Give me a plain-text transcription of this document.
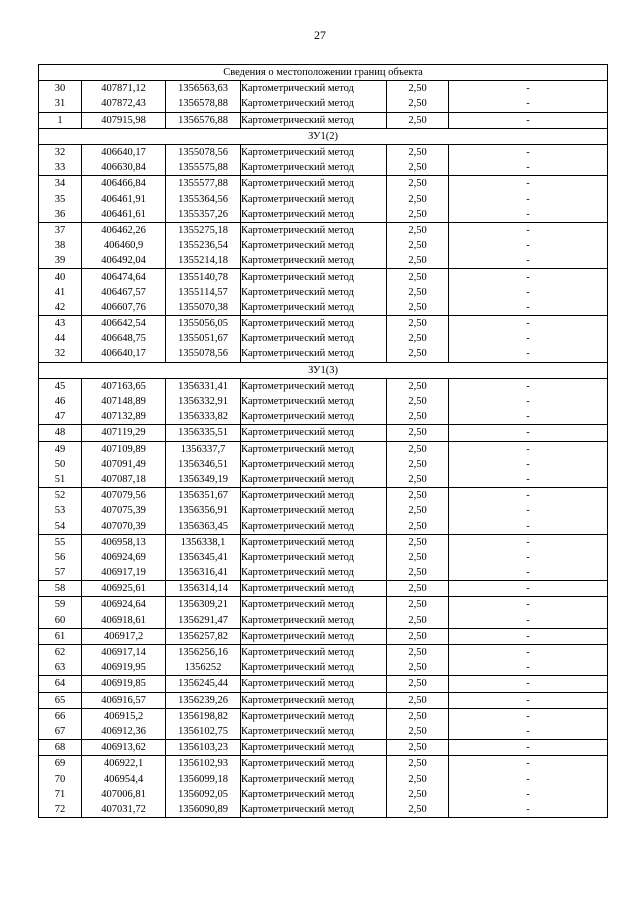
27
Сведения о местоположении границ объекта					
30	407871,12	1356563,63	Картометрический метод	2,50	-
31	407872,43	1356578,88	Картометрический метод	2,50	-
1	407915,98	1356576,88	Картометрический метод	2,50	-
ЗУ1(2)					
32	406640,17	1355078,56	Картометрический метод	2,50	-
33	406630,84	1355575,88	Картометрический метод	2,50	-
34	406466,84	1355577,88	Картометрический метод	2,50	-
35	406461,91	1355364,56	Картометрический метод	2,50	-
36	406461,61	1355357,26	Картометрический метод	2,50	-
37	406462,26	1355275,18	Картометрический метод	2,50	-
38	406460,9	1355236,54	Картометрический метод	2,50	-
39	406492,04	1355214,18	Картометрический метод	2,50	-
40	406474,64	1355140,78	Картометрический метод	2,50	-
41	406467,57	1355114,57	Картометрический метод	2,50	-
42	406607,76	1355070,38	Картометрический метод	2,50	-
43	406642,54	1355056,05	Картометрический метод	2,50	-
44	406648,75	1355051,67	Картометрический метод	2,50	-
32	406640,17	1355078,56	Картометрический метод	2,50	-
ЗУ1(3)					
45	407163,65	1356331,41	Картометрический метод	2,50	-
46	407148,89	1356332,91	Картометрический метод	2,50	-
47	407132,89	1356333,82	Картометрический метод	2,50	-
48	407119,29	1356335,51	Картометрический метод	2,50	-
49	407109,89	1356337,7	Картометрический метод	2,50	-
50	407091,49	1356346,51	Картометрический метод	2,50	-
51	407087,18	1356349,19	Картометрический метод	2,50	-
52	407079,56	1356351,67	Картометрический метод	2,50	-
53	407075,39	1356356,91	Картометрический метод	2,50	-
54	407070,39	1356363,45	Картометрический метод	2,50	-
55	406958,13	1356338,1	Картометрический метод	2,50	-
56	406924,69	1356345,41	Картометрический метод	2,50	-
57	406917,19	1356316,41	Картометрический метод	2,50	-
58	406925,61	1356314,14	Картометрический метод	2,50	-
59	406924,64	1356309,21	Картометрический метод	2,50	-
60	406918,61	1356291,47	Картометрический метод	2,50	-
61	406917,2	1356257,82	Картометрический метод	2,50	-
62	406917,14	1356256,16	Картометрический метод	2,50	-
63	406919,95	1356252	Картометрический метод	2,50	-
64	406919,85	1356245,44	Картометрический метод	2,50	-
65	406916,57	1356239,26	Картометрический метод	2,50	-
66	406915,2	1356198,82	Картометрический метод	2,50	-
67	406912,36	1356102,75	Картометрический метод	2,50	-
68	406913,62	1356103,23	Картометрический метод	2,50	-
69	406922,1	1356102,93	Картометрический метод	2,50	-
70	406954,4	1356099,18	Картометрический метод	2,50	-
71	407006,81	1356092,05	Картометрический метод	2,50	-
72	407031,72	1356090,89	Картометрический метод	2,50	-
